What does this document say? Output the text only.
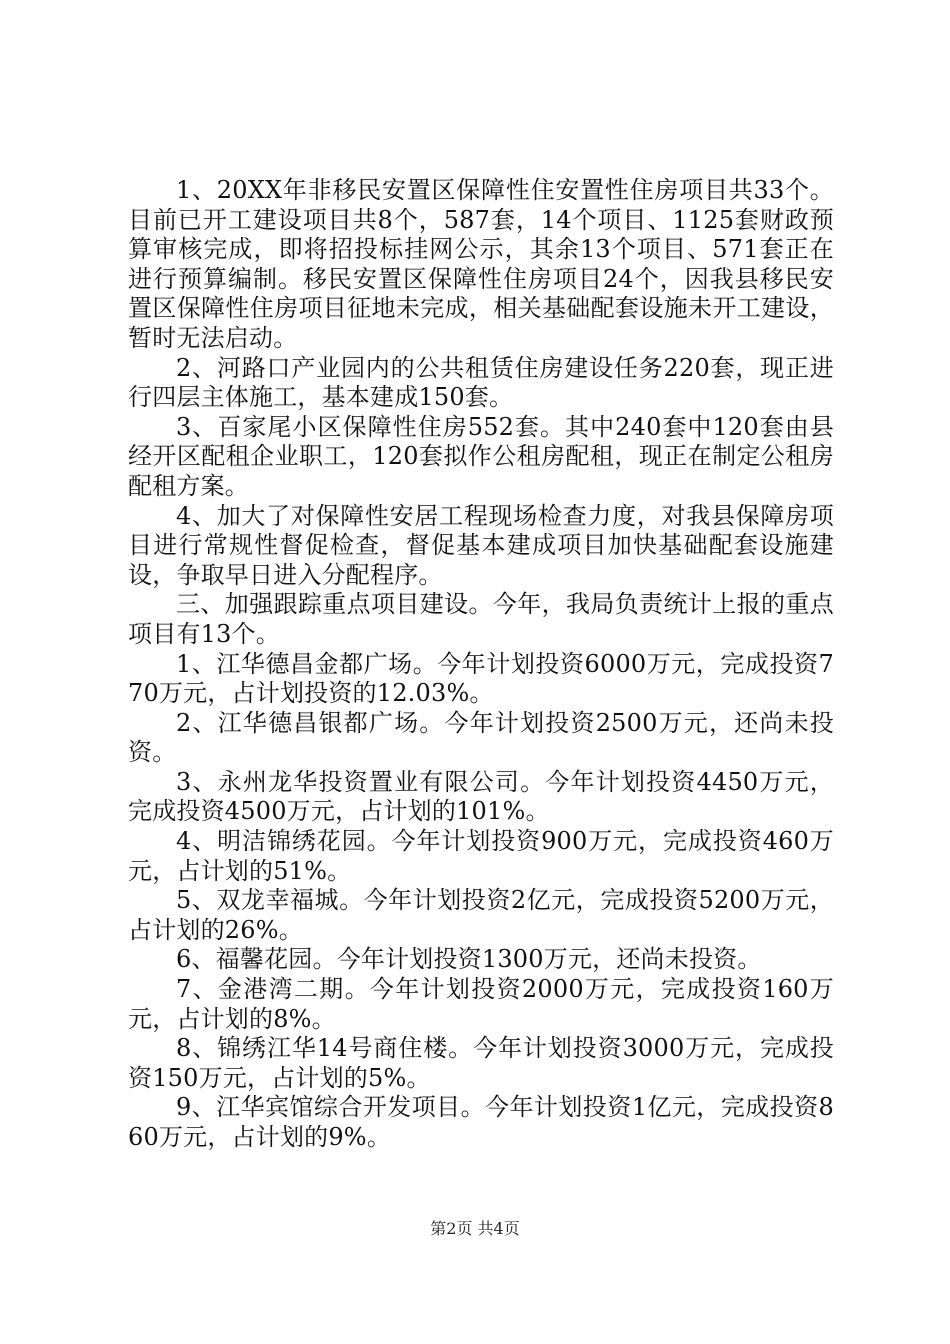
1、20XX年非移民安置区保障性住安置性住房项目共33个。目前已开工建设项目共8个，587套，14个项目、1125套财政预算审核完成，即将招投标挂网公示，其余13个项目、571套正在进行预算编制。移民安置区保障性住房项目24个，因我县移民安置区保障性住房项目征地未完成，相关基础配套设施未开工建设，暂时无法启动。

2、河路口产业园内的公共租赁住房建设任务220套，现正进行四层主体施工，基本建成150套。

3、百家尾小区保障性住房552套。其中240套中120套由县经开区配租企业职工，120套拟作公租房配租，现正在制定公租房配租方案。

4、加大了对保障性安居工程现场检查力度，对我县保障房项目进行常规性督促检查，督促基本建成项目加快基础配套设施建设，争取早日进入分配程序。

三、加强跟踪重点项目建设。今年，我局负责统计上报的重点项目有13个。

1、江华德昌金都广场。今年计划投资6000万元，完成投资770万元，占计划投资的12.03%。

2、江华德昌银都广场。今年计划投资2500万元，还尚未投资。

3、永州龙华投资置业有限公司。今年计划投资4450万元，完成投资4500万元，占计划的101%。

4、明洁锦绣花园。今年计划投资900万元，完成投资460万元，占计划的51%。

5、双龙幸福城。今年计划投资2亿元，完成投资5200万元，占计划的26%。

6、福馨花园。今年计划投资1300万元，还尚未投资。

7、金港湾二期。今年计划投资2000万元，完成投资160万元，占计划的8%。

8、锦绣江华14号商住楼。今年计划投资3000万元，完成投资150万元，占计划的5%。

9、江华宾馆综合开发项目。今年计划投资1亿元，完成投资860万元，占计划的9%。

第2页 共4页
